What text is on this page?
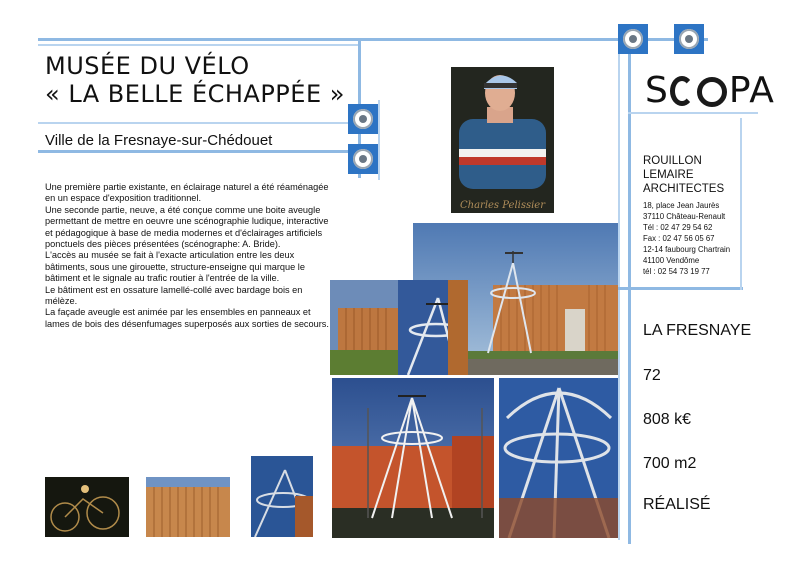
MUSÉE DU VÉLO
« LA BELLE ÉCHAPPÉE »
Ville de la Fresnaye-sur-Chédouet

Une première partie existante, en éclairage naturel a été réaménagée en un espace d'exposition traditionnel.

Une seconde partie, neuve, a été conçue comme une boite aveugle permettant de mettre en oeuvre une scénographie ludique, interactive et pédagogique à base de media modernes et d'éclairages artificiels ponctuels des pièces présentées (scénographe: A. Bride).

L'accès au musée se fait à l'exacte articulation entre les deux bâtiments, sous une girouette, structure-enseigne qui marque le bâtiment et le signale au trafic routier à l'entrée de la ville.

Le bâtiment est en ossature lamellé-collé avec bardage bois en mélèze.

La façade aveugle est animée par les ensembles en panneaux et lames de bois des désenfumages superposés aux sorties de secours.

Charles Pelissier
S PA
ROUILLON
LEMAIRE
ARCHITECTES
18, place Jean Jaurès
37110 Château-Renault
Tél : 02 47 29 54 62
Fax : 02 47 56 05 67
12-14 faubourg Chartrain
41100 Vendôme
tél : 02 54 73 19 77
LA FRESNAYE
72
808 k€
700 m2
RÉALISÉ
